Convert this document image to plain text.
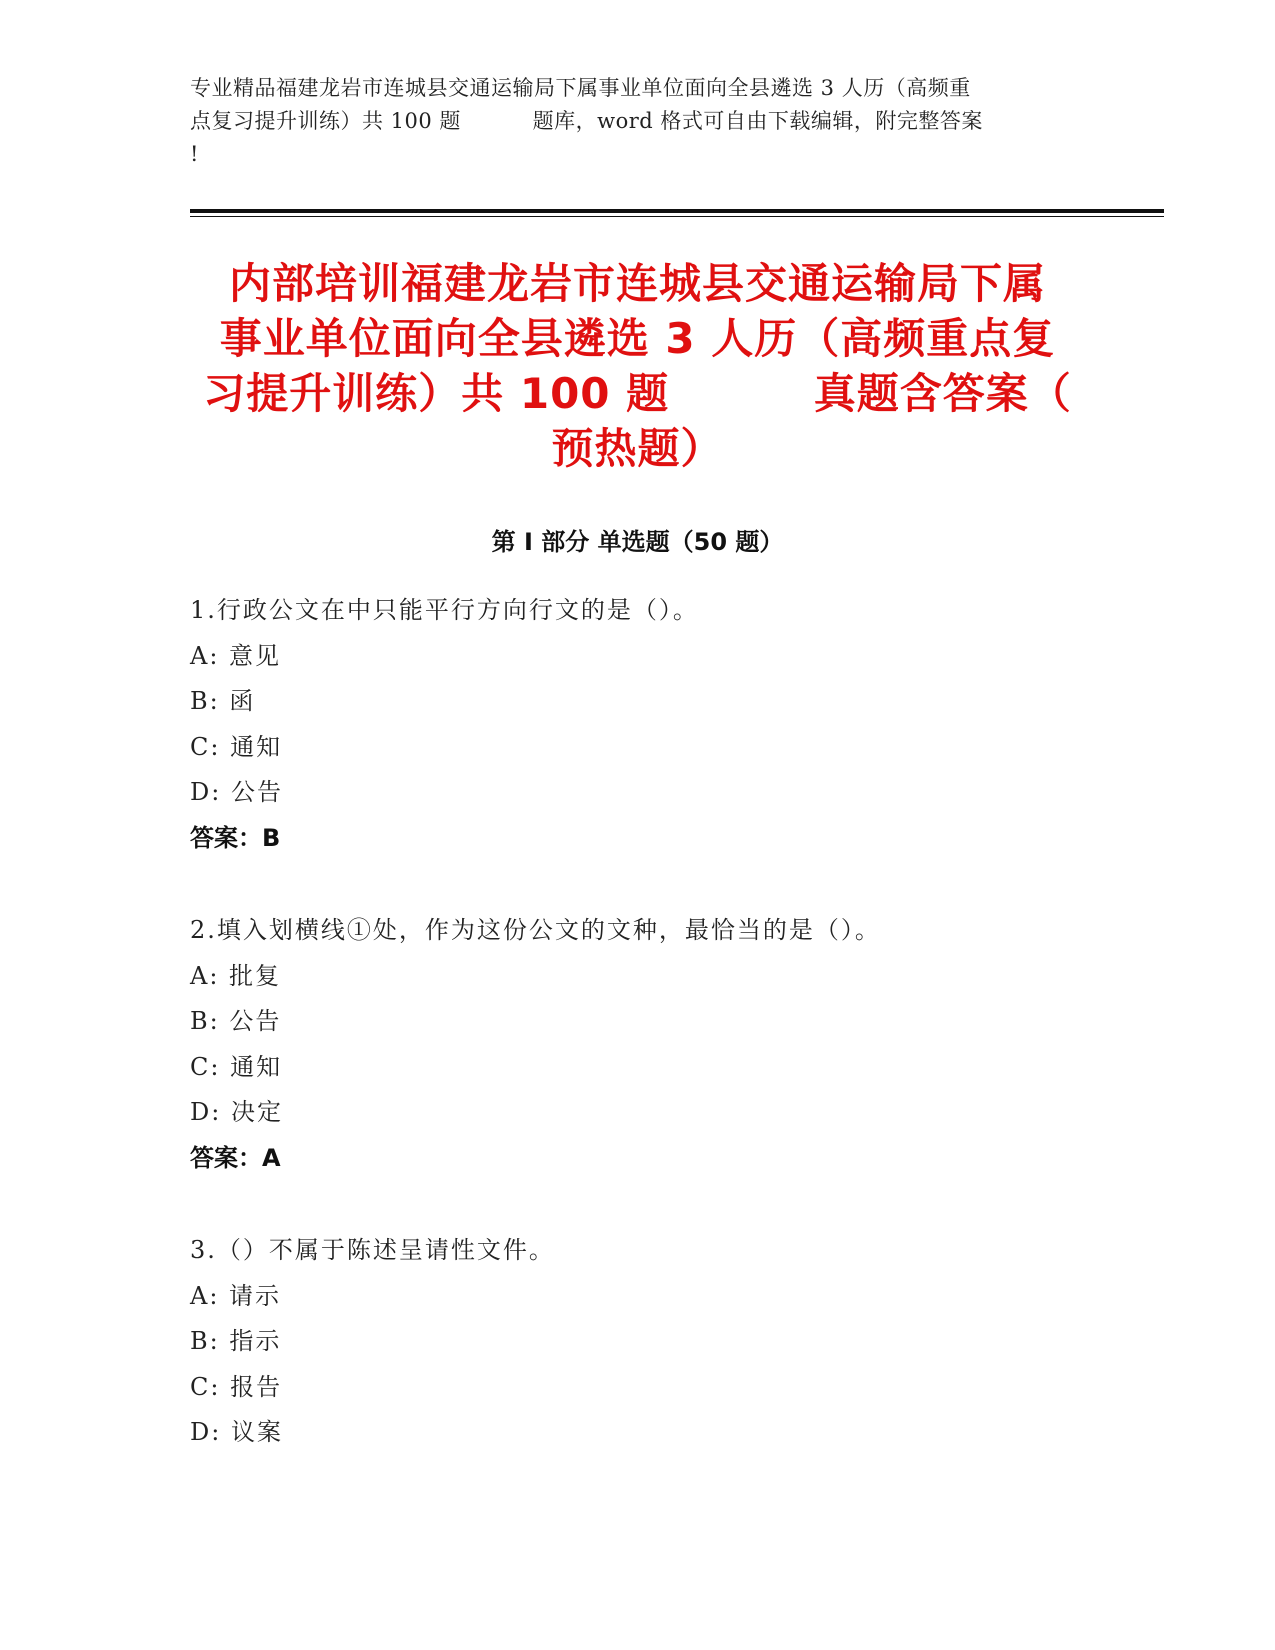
专业精品福建龙岩市连城县交通运输局下属事业单位面向全县遴选 3 人历（高频重
点复习提升训练）共 100 题　　　 题库，word 格式可自由下载编辑，附完整答案
!
内部培训福建龙岩市连城县交通运输局下属
事业单位面向全县遴选 3 人历（高频重点复
习提升训练）共 100 题　　　 真题含答案（
预热题）
第 I 部分 单选题（50 题）
1.行政公文在中只能平行方向行文的是（）。
A: 意见
B: 函
C: 通知
D: 公告
答案：B
2.填入划横线①处，作为这份公文的文种，最恰当的是（）。
A: 批复
B: 公告
C: 通知
D: 决定
答案：A
3.（）不属于陈述呈请性文件。
A: 请示
B: 指示
C: 报告
D: 议案
